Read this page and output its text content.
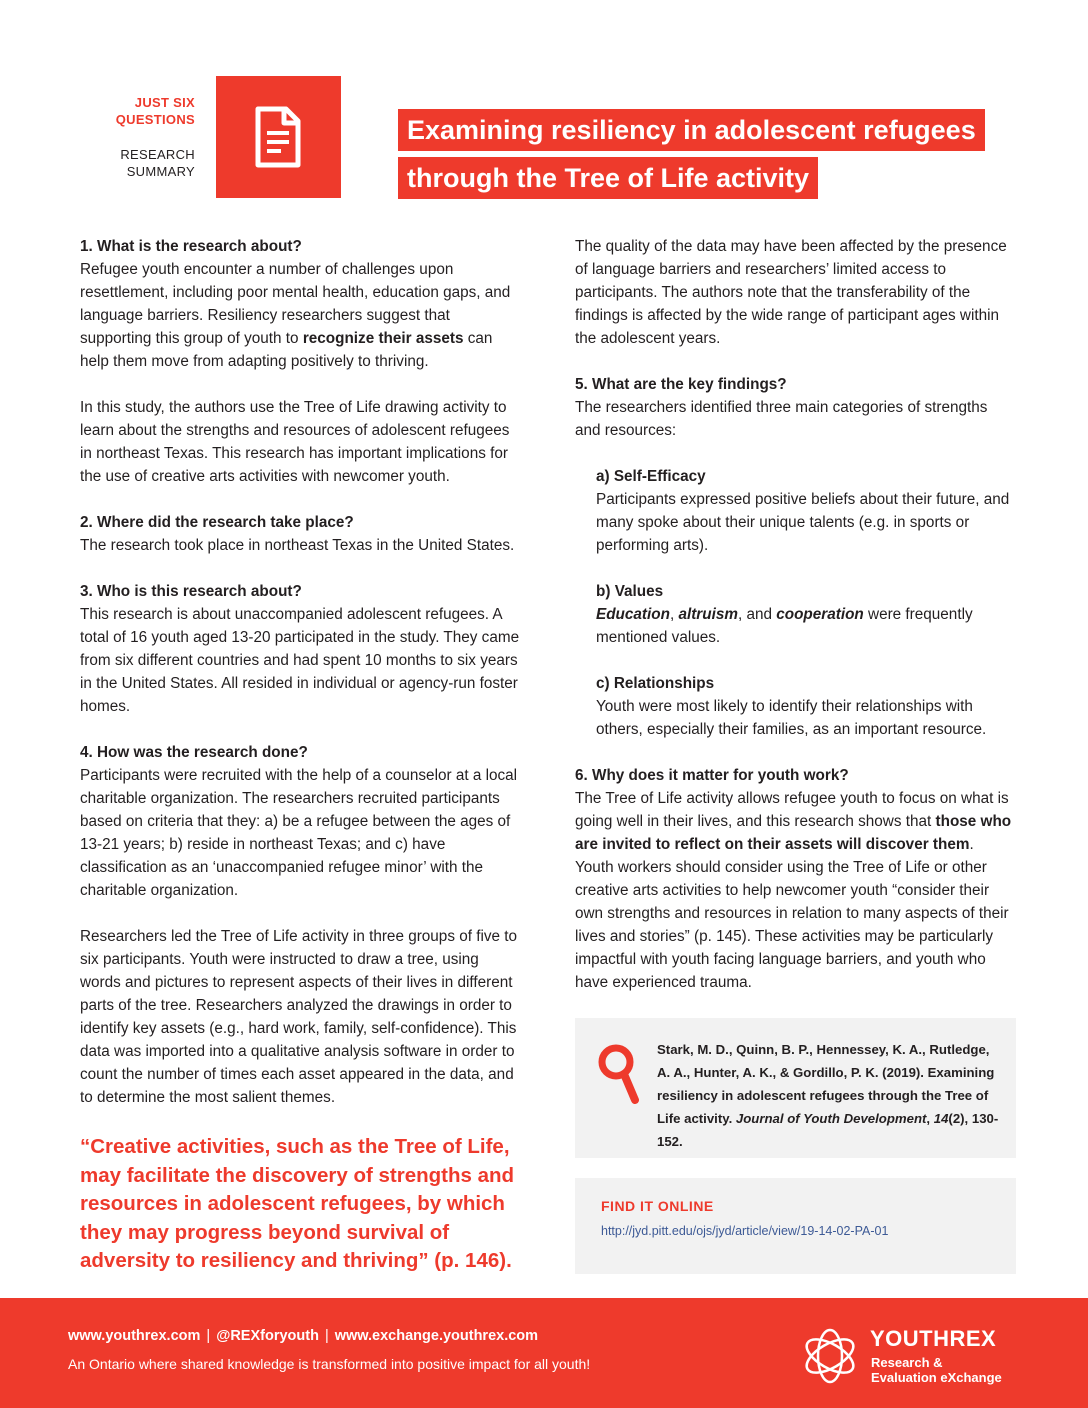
JUST SIX
QUESTIONS
RESEARCH
SUMMARY
Examining resiliency in adolescent refugees
through the Tree of Life activity

1. What is the research about?

Refugee youth encounter a number of challenges upon resettlement, including poor mental health, education gaps, and language barriers. Resiliency researchers suggest that supporting this group of youth to recognize their assets can help them move from adapting positively to thriving.

In this study, the authors use the Tree of Life drawing activity to learn about the strengths and resources of adolescent refugees in northeast Texas. This research has important implications for the use of creative arts activities with newcomer youth.

2. Where did the research take place?

The research took place in northeast Texas in the United States.

3. Who is this research about?

This research is about unaccompanied adolescent refugees. A total of 16 youth aged 13-20 participated in the study. They came from six different countries and had spent 10 months to six years in the United States. All resided in individual or agency-run foster homes.

4. How was the research done?

Participants were recruited with the help of a counselor at a local charitable organization. The researchers recruited participants based on criteria that they: a) be a refugee between the ages of 13-21 years; b) reside in northeast Texas; and c) have classification as an ‘unaccompanied refugee minor’ with the charitable organization.

Researchers led the Tree of Life activity in three groups of five to six participants. Youth were instructed to draw a tree, using words and pictures to represent aspects of their lives in different parts of the tree. Researchers analyzed the drawings in order to identify key assets (e.g., hard work, family, self-confidence). This data was imported into a qualitative analysis software in order to count the number of times each asset appeared in the data, and to determine the most salient themes.

“Creative activities, such as the Tree of Life, may facilitate the discovery of strengths and resources in adolescent refugees, by which they may progress beyond survival of adversity to resiliency and thriving” (p. 146).

The quality of the data may have been affected by the presence of language barriers and researchers’ limited access to participants. The authors note that the transferability of the findings is affected by the wide range of participant ages within the adolescent years.

5. What are the key findings?

The researchers identified three main categories of strengths and resources:

a) Self-Efficacy

Participants expressed positive beliefs about their future, and many spoke about their unique talents (e.g. in sports or performing arts).

b) Values

Education, altruism, and cooperation were frequently mentioned values.

c) Relationships

Youth were most likely to identify their relationships with others, especially their families, as an important resource.

6. Why does it matter for youth work?

The Tree of Life activity allows refugee youth to focus on what is going well in their lives, and this research shows that those who are invited to reflect on their assets will discover them. Youth workers should consider using the Tree of Life or other creative arts activities to help newcomer youth “consider their own strengths and resources in relation to many aspects of their lives and stories” (p. 145). These activities may be particularly impactful with youth facing language barriers, and youth who have experienced trauma.

Stark, M. D., Quinn, B. P., Hennessey, K. A., Rutledge, A. A., Hunter, A. K., & Gordillo, P. K. (2019). Examining resiliency in adolescent refugees through the Tree of Life activity. Journal of Youth Development, 14(2), 130-152.
FIND IT ONLINE
http://jyd.pitt.edu/ojs/jyd/article/view/19-14-02-PA-01
www.youthrex.com | @REXforyouth | www.exchange.youthrex.com
An Ontario where shared knowledge is transformed into positive impact for all youth!
YOUTHREX
Research &
Evaluation eXchange
